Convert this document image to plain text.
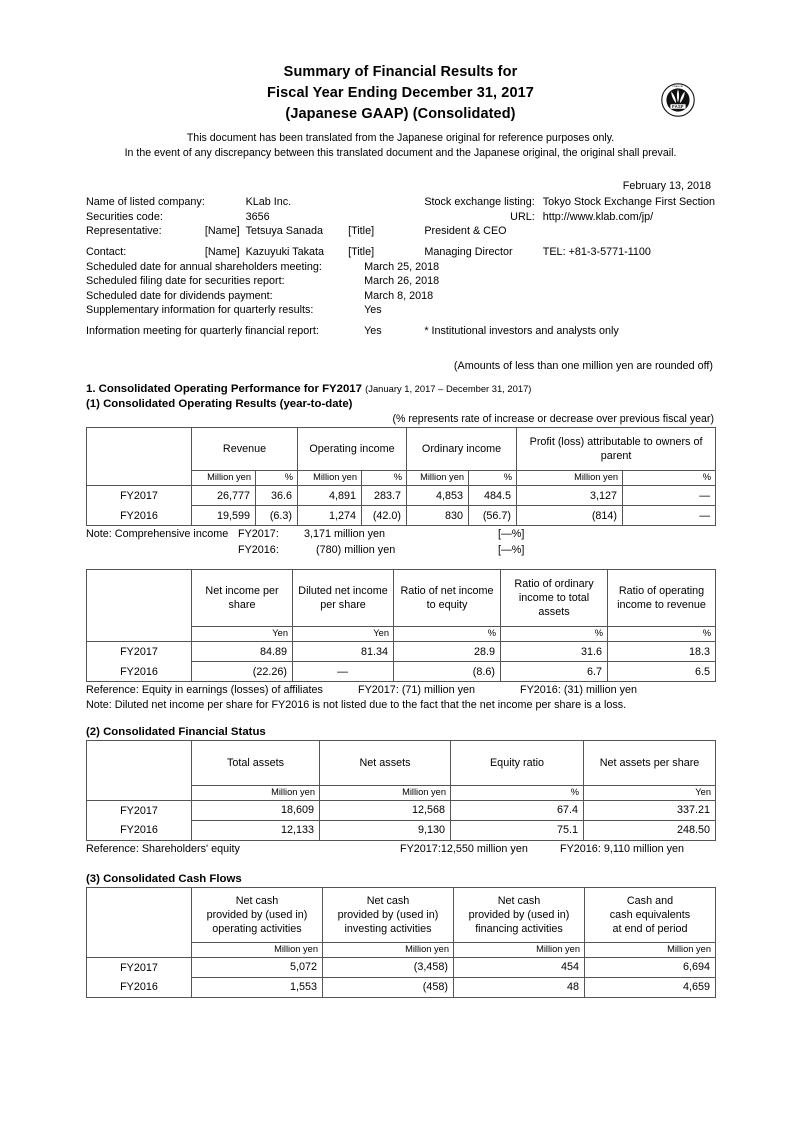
FASF
FINANCIAL
Summary of Financial Results for
Fiscal Year Ending December 31, 2017
(Japanese GAAP) (Consolidated)
This document has been translated from the Japanese original for reference purposes only.
In the event of any discrepancy between this translated document and the Japanese original, the original shall prevail.
February 13, 2018
Name of listed company:		KLab Inc.		Stock exchange listing:	Tokyo Stock Exchange First Section
Securities code:		3656		URL:	http://www.klab.com/jp/
Representative:	[Name]	Tetsuya Sanada	[Title]	President & CEO	

Contact:	[Name]	Kazuyuki Takata	[Title]	Managing Director	TEL: +81-3-5771-1100
Scheduled date for annual shareholders meeting:			March 25, 2018		
Scheduled filing date for securities report:			March 26, 2018		
Scheduled date for dividends payment:			March 8, 2018		
Supplementary information for quarterly results:			Yes		

Information meeting for quarterly financial report:			Yes	* Institutional investors and analysts only	
(Amounts of less than one million yen are rounded off)
1. Consolidated Operating Performance for FY2017 (January 1, 2017 – December 31, 2017)
(1) Consolidated Operating Results (year-to-date)
(% represents rate of increase or decrease over previous fiscal year)
	Revenue		Operating income		Ordinary income		Profit (loss) attributable to owners of parent	
	Million yen	%	Million yen	%	Million yen	%	Million yen	%
FY2017	26,777	36.6	4,891	283.7	4,853	484.5	3,127	—
FY2016	19,599	(6.3)	1,274	(42.0)	830	(56.7)	(814)	—
Note: Comprehensive income	FY2017:	3,171 million yen	[—%]
	FY2016:	(780) million yen	[—%]
	Net income per share	Diluted net income per share	Ratio of net income to equity	Ratio of ordinary income to total assets	Ratio of operating income to revenue
	Yen	Yen	%	%	%
FY2017	84.89	81.34	28.9	31.6	18.3
FY2016	(22.26)	—	(8.6)	6.7	6.5
Reference: Equity in earnings (losses) of affiliates	FY2017: (71) million yen	FY2016: (31) million yen
Note: Diluted net income per share for FY2016 is not listed due to the fact that the net income per share is a loss.
(2) Consolidated Financial Status
	Total assets	Net assets	Equity ratio	Net assets per share
	Million yen	Million yen	%	Yen
FY2017	18,609	12,568	67.4	337.21
FY2016	12,133	9,130	75.1	248.50
Reference: Shareholders' equity	FY2017:12,550 million yen	FY2016: 9,110 million yen
(3) Consolidated Cash Flows

Net cash
provided by (used in)
operating activities

Net cash
provided by (used in)
investing activities

Net cash
provided by (used in)
financing activities

Cash and
cash equivalents
at end of period

	Million yen	Million yen	Million yen	Million yen
FY2017	5,072	(3,458)	454	6,694
FY2016	1,553	(458)	48	4,659
